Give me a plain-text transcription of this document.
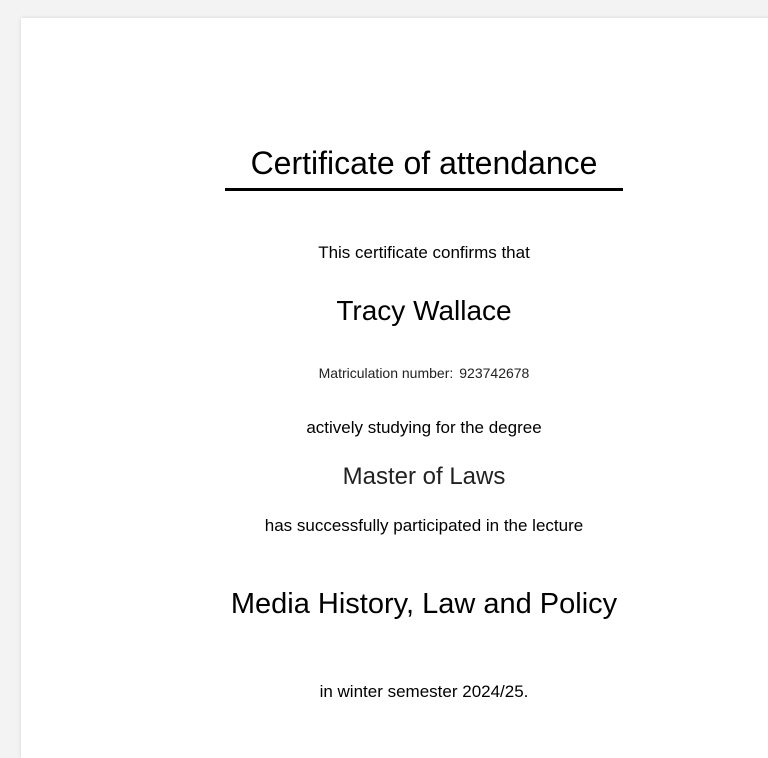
Certificate of attendance
This certificate confirms that
Tracy Wallace
Matriculation number: 923742678
actively studying for the degree
Master of Laws
has successfully participated in the lecture
Media History, Law and Policy
in winter semester 2024/25.
